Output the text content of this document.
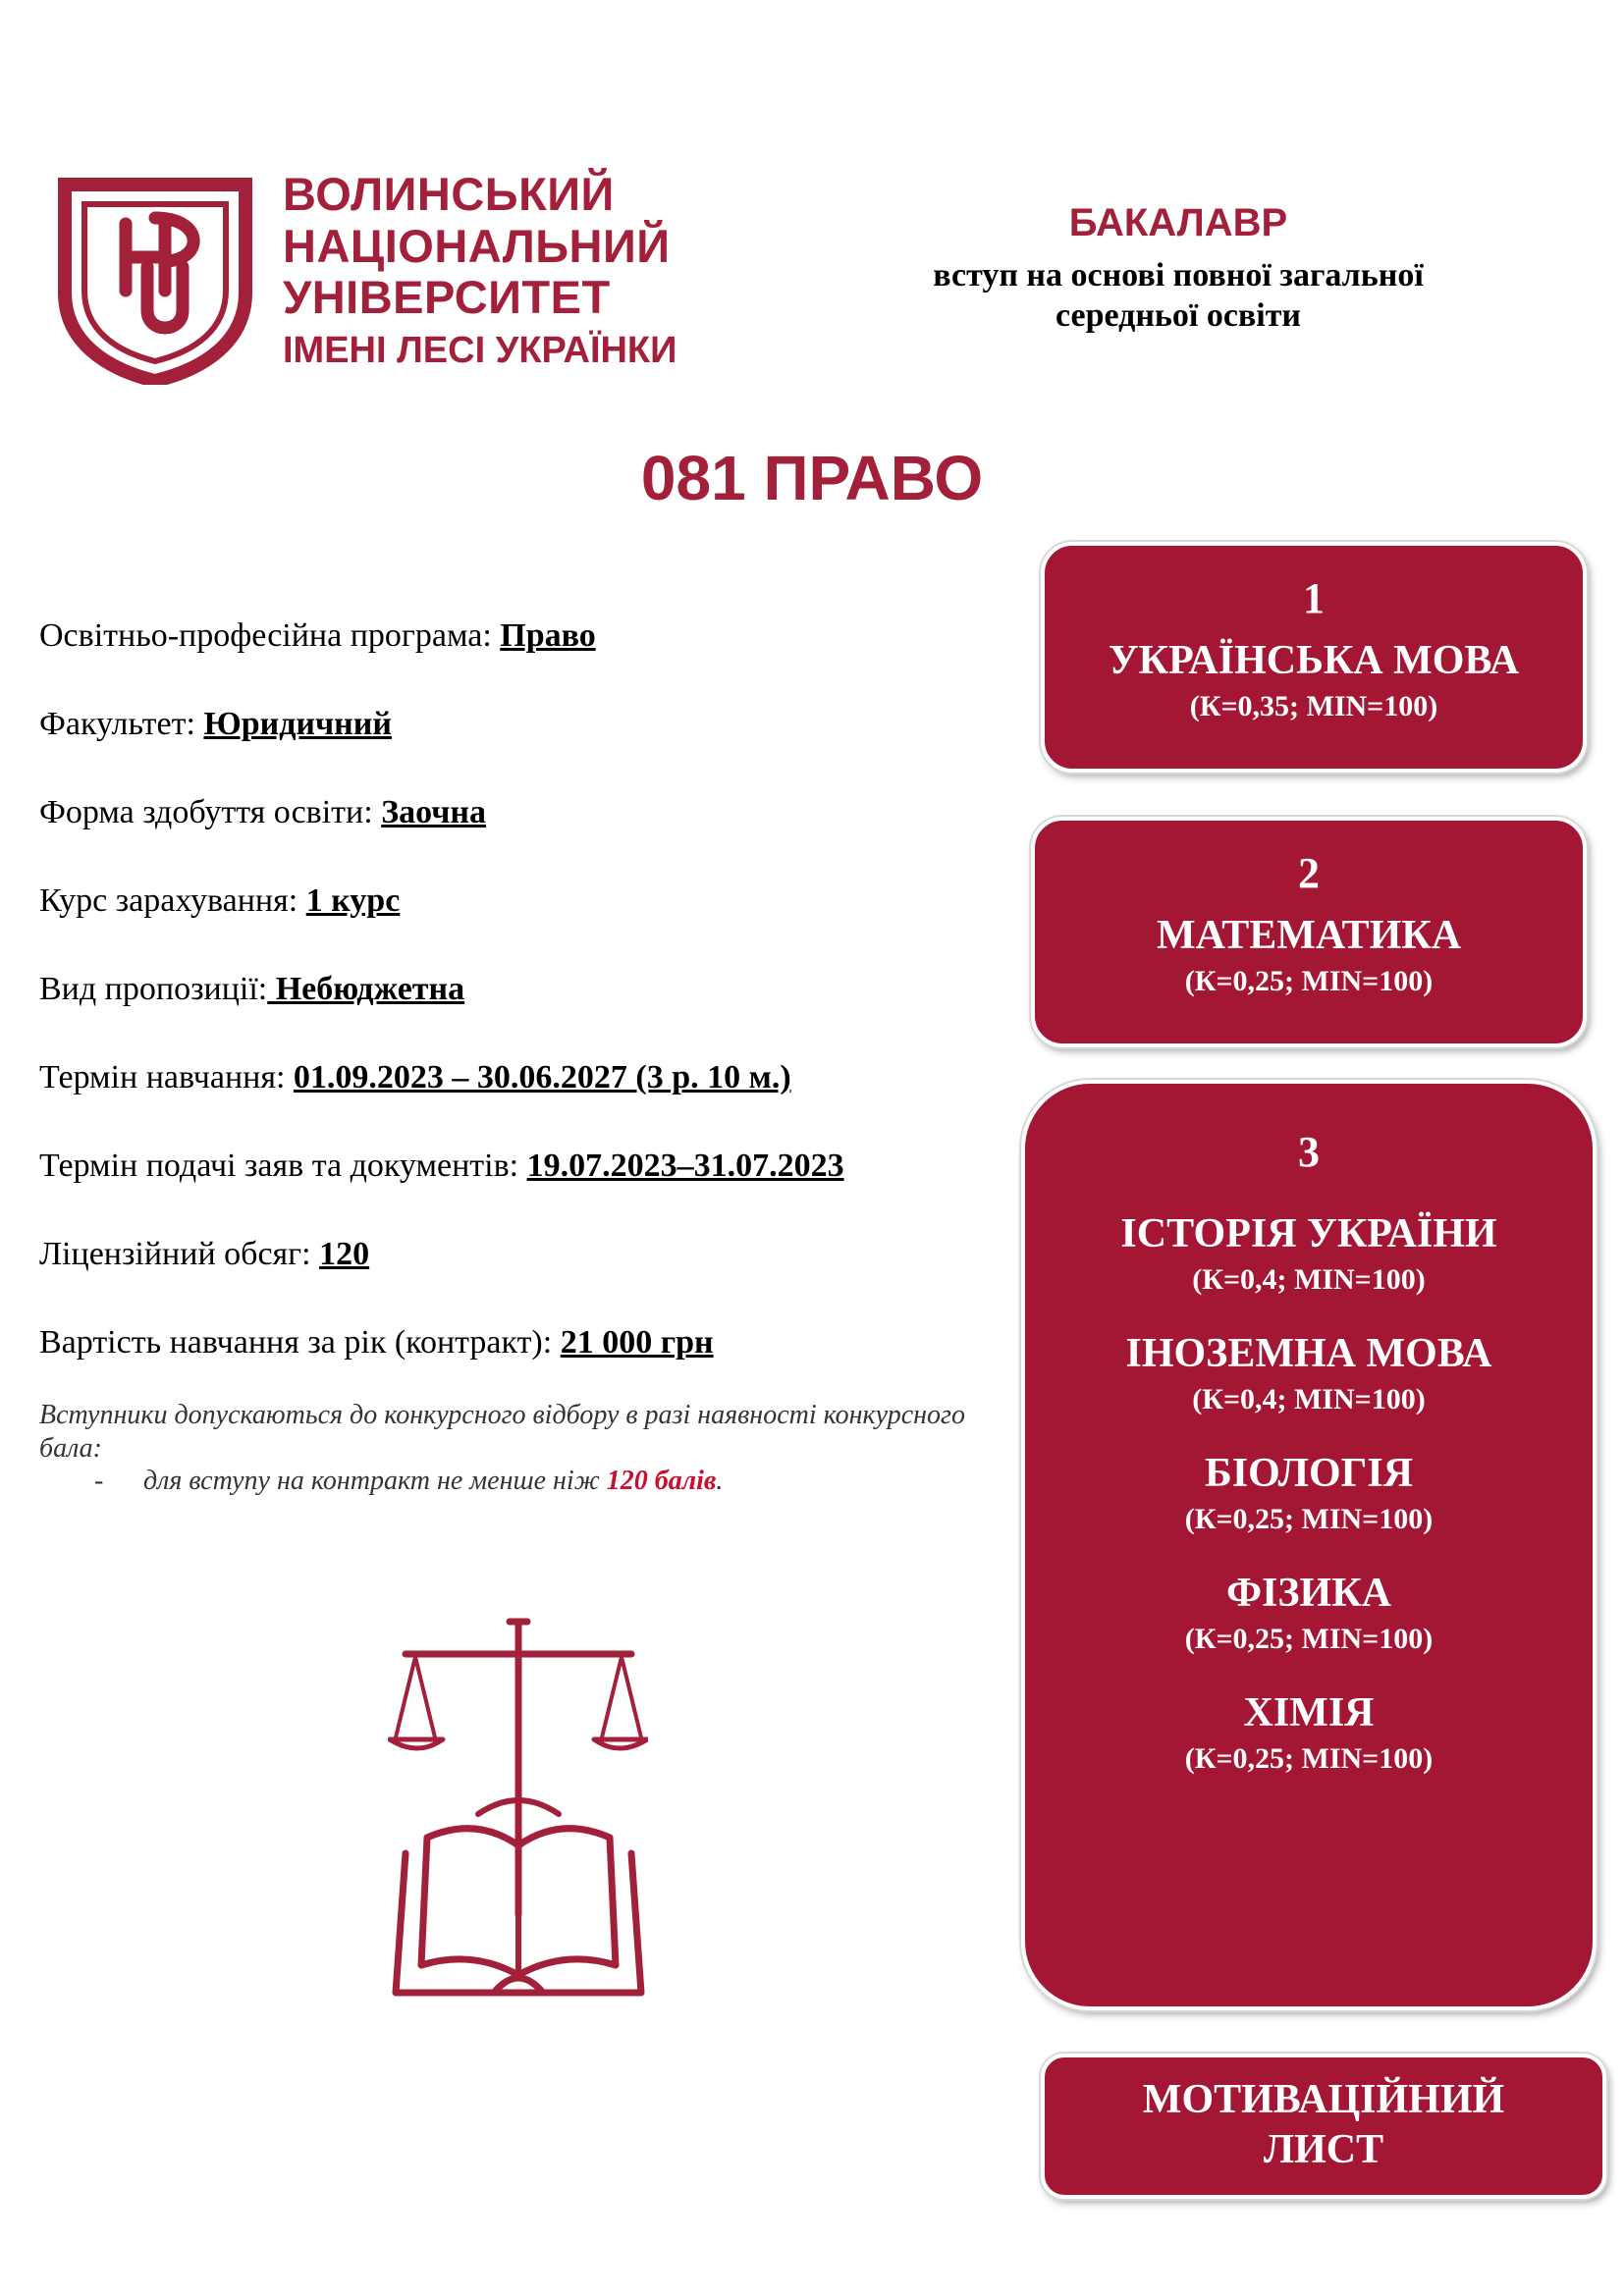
ВОЛИНСЬКИЙ
НАЦІОНАЛЬНИЙ
УНІВЕРСИТЕТ
ІМЕНІ ЛЕСІ УКРАЇНКИ
БАКАЛАВР
вступ на основі повної загальної
середньої освіти
081 ПРАВО
Освітньо-професійна програма: Право
Факультет: Юридичний
Форма здобуття освіти: Заочна
Курс зарахування: 1 курс
Вид пропозиції: Небюджетна
Термін навчання: 01.09.2023 – 30.06.2027 (3 р. 10 м.)
Термін подачі заяв та документів: 19.07.2023–31.07.2023
Ліцензійний обсяг: 120
Вартість навчання за рік (контракт): 21 000 грн
Вступники допускаються до конкурсного відбору в разі наявності конкурсного бала:
- для вступу на контракт не менше ніж 120 балів.
1
УКРАЇНСЬКА МОВА
(К=0,35; MIN=100)
2
МАТЕМАТИКА
(К=0,25; MIN=100)
3
ІСТОРІЯ УКРАЇНИ
(К=0,4; MIN=100)
ІНОЗЕМНА МОВА
(К=0,4; MIN=100)
БІОЛОГІЯ
(К=0,25; MIN=100)
ФІЗИКА
(К=0,25; MIN=100)
ХІМІЯ
(К=0,25; MIN=100)
МОТИВАЦІЙНИЙ
ЛИСТ
